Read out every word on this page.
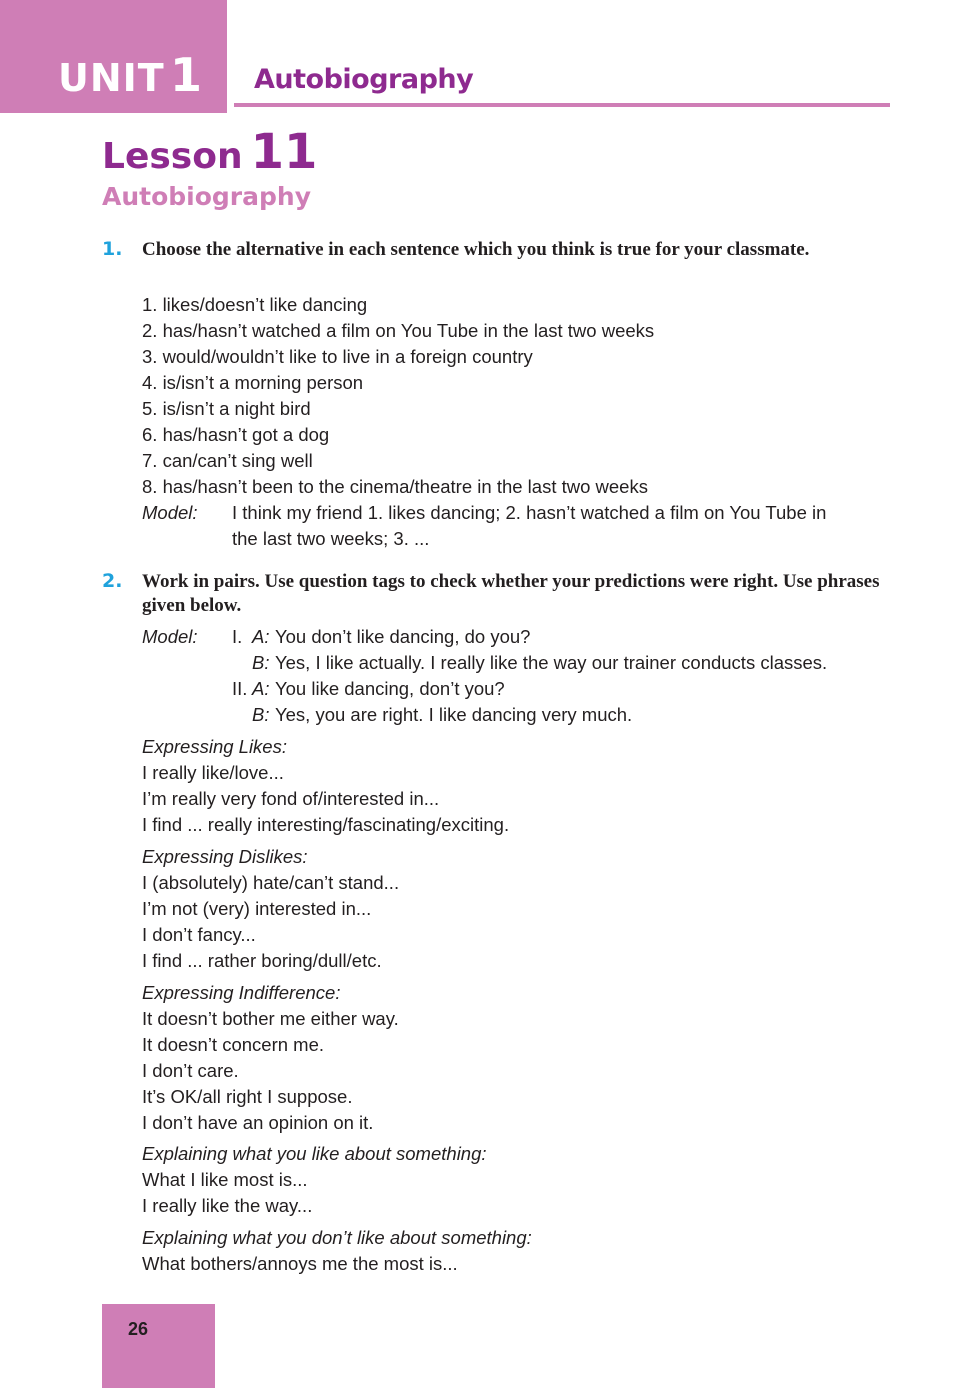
UNIT 1 Autobiography
Lesson 11
Autobiography
1. Choose the alternative in each sentence which you think is true for your classmate.
1. likes/doesn’t like dancing
2. has/hasn’t watched a film on You Tube in the last two weeks
3. would/wouldn’t like to live in a foreign country
4. is/isn’t a morning person
5. is/isn’t a night bird
6. has/hasn’t got a dog
7. can/can’t sing well
8. has/hasn’t been to the cinema/theatre in the last two weeks
Model: I think my friend 1. likes dancing; 2. hasn’t watched a film on You Tube in
the last two weeks; 3. ...
2. Work in pairs. Use question tags to check whether your predictions were right. Use phrases given below.
Model: I. A: You don’t like dancing, do you?
B: Yes, I like actually. I really like the way our trainer conducts classes.
II. A: You like dancing, don’t you?
B: Yes, you are right. I like dancing very much.
Expressing Likes:
I really like/love...
I’m really very fond of/interested in...
I find ... really interesting/fascinating/exciting.
Expressing Dislikes:
I (absolutely) hate/can’t stand...
I’m not (very) interested in...
I don’t fancy...
I find ... rather boring/dull/etc.
Expressing Indifference:
It doesn’t bother me either way.
It doesn’t concern me.
I don’t care.
It’s OK/all right I suppose.
I don’t have an opinion on it.
Explaining what you like about something:
What I like most is...
I really like the way...
Explaining what you don’t like about something:
What bothers/annoys me the most is...
26
